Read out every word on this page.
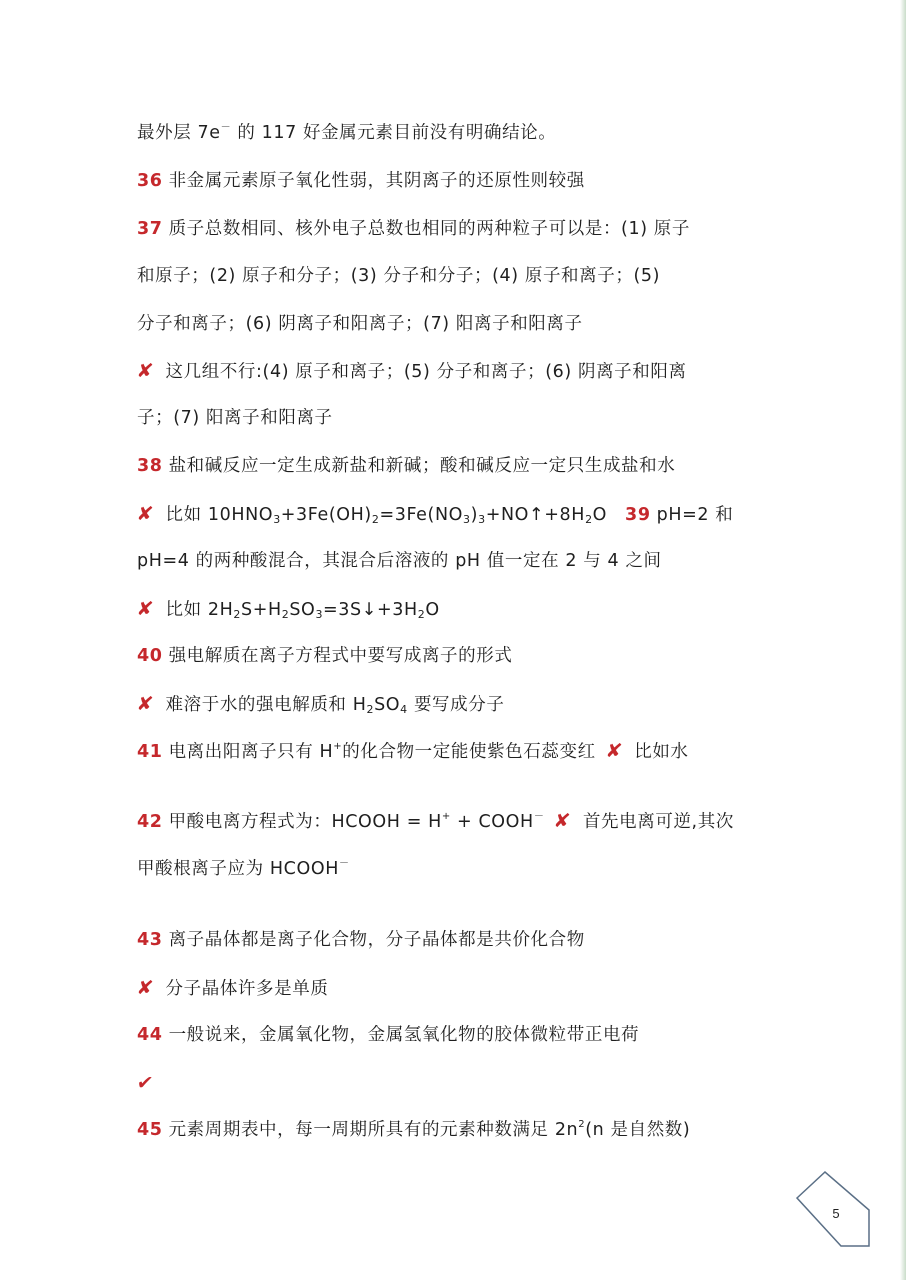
最外层 7e－ 的 117 好金属元素目前没有明确结论。
36 非金属元素原子氧化性弱，其阴离子的还原性则较强
37 质子总数相同、核外电子总数也相同的两种粒子可以是：(1) 原子
和原子；(2) 原子和分子；(3) 分子和分子；(4) 原子和离子；(5)
分子和离子；(6) 阴离子和阳离子；(7) 阳离子和阳离子
✘ 这几组不行:(4) 原子和离子；(5) 分子和离子；(6) 阴离子和阳离
子；(7) 阳离子和阳离子
38 盐和碱反应一定生成新盐和新碱；酸和碱反应一定只生成盐和水
✘ 比如 $10HNO_3+3Fe(OH)_2=3Fe(NO_3)_3+NO↑+8H_2O$ 39 pH=2 和
pH=4 的两种酸混合，其混合后溶液的 pH 值一定在 2 与 4 之间
✘ 比如 $2H_2S+H_2SO_3=3S↓+3H_2O$
40 强电解质在离子方程式中要写成离子的形式
✘ 难溶于水的强电解质和 $H_2SO_4$ 要写成分子
41 电离出阳离子只有 H+的化合物一定能使紫色石蕊变红 ✘ 比如水
42 甲酸电离方程式为：HCOOH = H+ + COOH－ ✘ 首先电离可逆,其次
甲酸根离子应为 HCOOH－
43 离子晶体都是离子化合物，分子晶体都是共价化合物
✘ 分子晶体许多是单质
44 一般说来，金属氧化物，金属氢氧化物的胶体微粒带正电荷
✔
45 元素周期表中，每一周期所具有的元素种数满足 $2n^2(n$ 是自然数)
5
